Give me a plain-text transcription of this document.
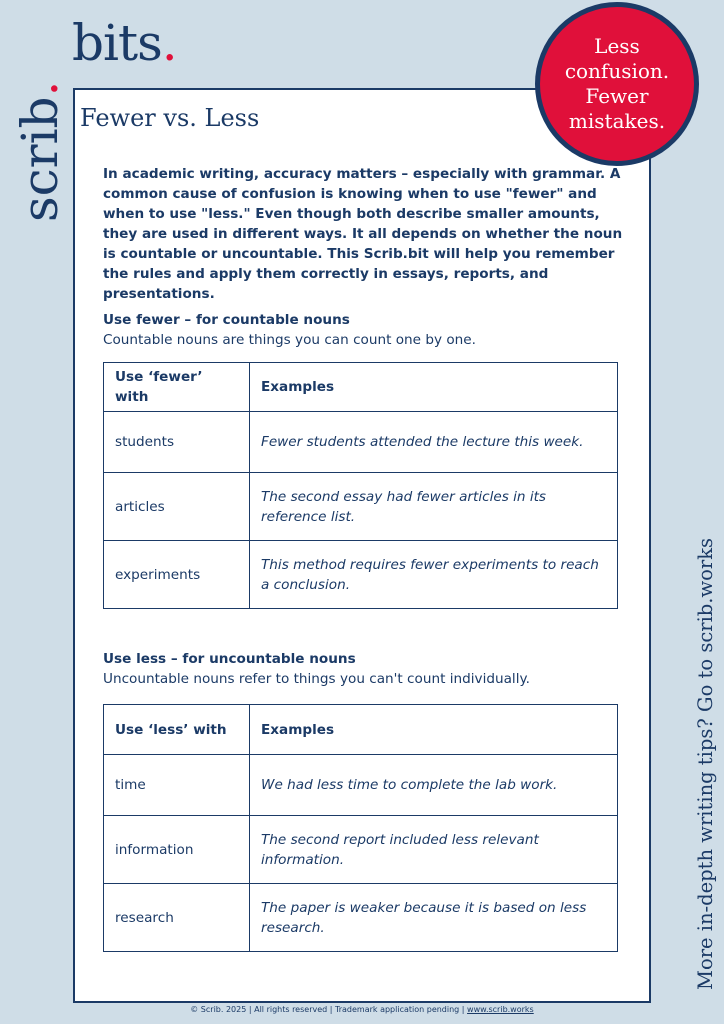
scrib.
bits.	Less
confusion.
Fewer
mistakes.
Fewer vs. Less
In academic writing, accuracy matters – especially with grammar. A common cause of confusion is knowing when to use "fewer" and when to use "less." Even though both describe smaller amounts, they are used in different ways. It all depends on whether the noun is countable or uncountable. This Scrib.bit will help you remember the rules and apply them correctly in essays, reports, and presentations.
Use fewer – for countable nouns
Countable nouns are things you can count one by one.
Use ‘fewer’ with	Examples
students	Fewer students attended the lecture this week.
articles	The second essay had fewer articles in its reference list.
experiments	This method requires fewer experiments to reach a conclusion.
Use less – for uncountable nouns
Uncountable nouns refer to things you can't count individually.
Use ‘less’ with	Examples
time	We had less time to complete the lab work.
information	The second report included less relevant information.
research	The paper is weaker because it is based on less research.	More in-depth writing tips? Go to scrib.works
© Scrib. 2025 | All rights reserved | Trademark application pending | www.scrib.works
